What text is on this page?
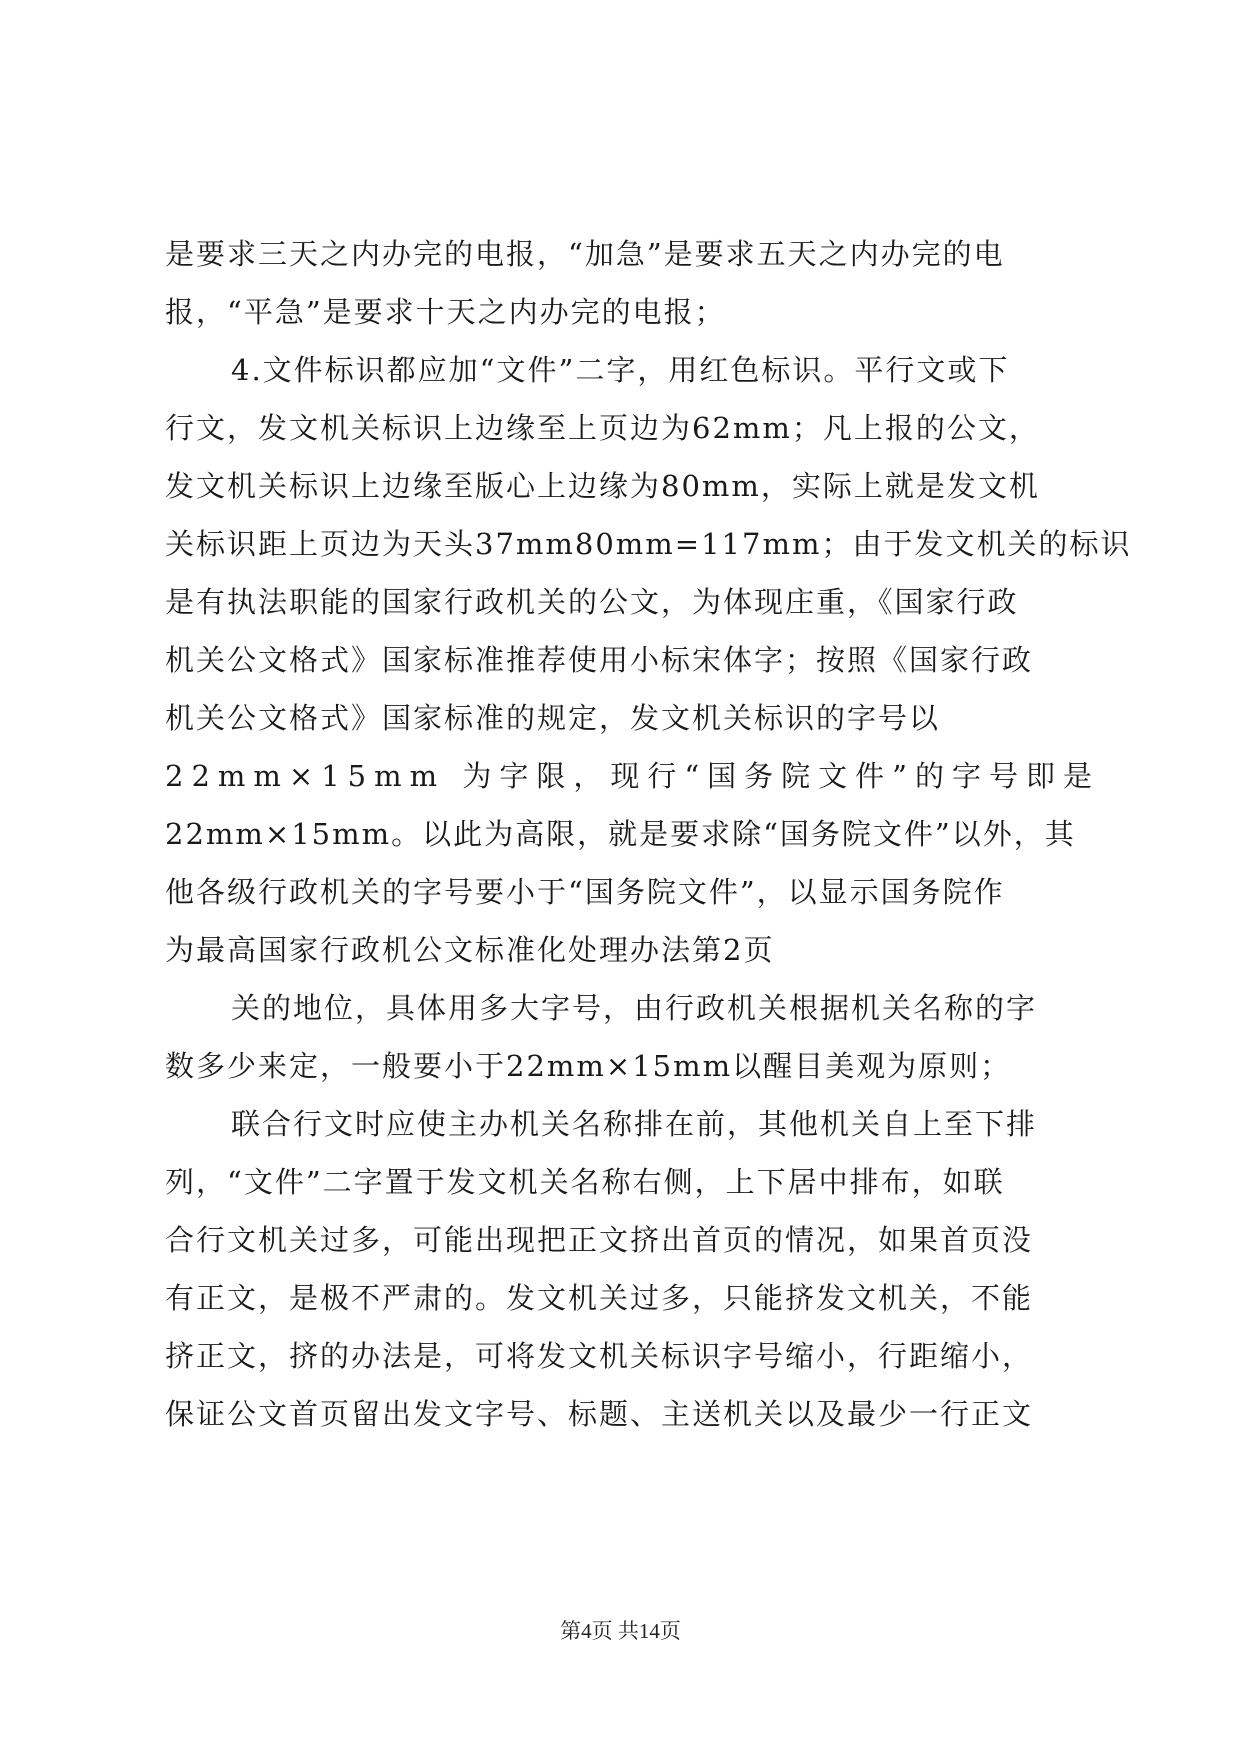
是要求三天之内办完的电报，“加急”是要求五天之内办完的电
报，“平急”是要求十天之内办完的电报；
4.文件标识都应加“文件”二字，用红色标识。平行文或下
行文，发文机关标识上边缘至上页边为62mm；凡上报的公文，
发文机关标识上边缘至版心上边缘为80mm，实际上就是发文机
关标识距上页边为天头37mm80mm=117mm；由于发文机关的标识
是有执法职能的国家行政机关的公文，为体现庄重，《国家行政
机关公文格式》国家标准推荐使用小标宋体字；按照《国家行政
机关公文格式》国家标准的规定，发文机关标识的字号以
22mm×15mm 为字限，现行“国务院文件”的字号即是
22mm×15mm。以此为高限，就是要求除“国务院文件”以外，其
他各级行政机关的字号要小于“国务院文件”，以显示国务院作
为最高国家行政机公文标准化处理办法第2页
关的地位，具体用多大字号，由行政机关根据机关名称的字
数多少来定，一般要小于22mm×15mm以醒目美观为原则；
联合行文时应使主办机关名称排在前，其他机关自上至下排
列，“文件”二字置于发文机关名称右侧，上下居中排布，如联
合行文机关过多，可能出现把正文挤出首页的情况，如果首页没
有正文，是极不严肃的。发文机关过多，只能挤发文机关，不能
挤正文，挤的办法是，可将发文机关标识字号缩小，行距缩小，
保证公文首页留出发文字号、标题、主送机关以及最少一行正文
第4页 共14页
